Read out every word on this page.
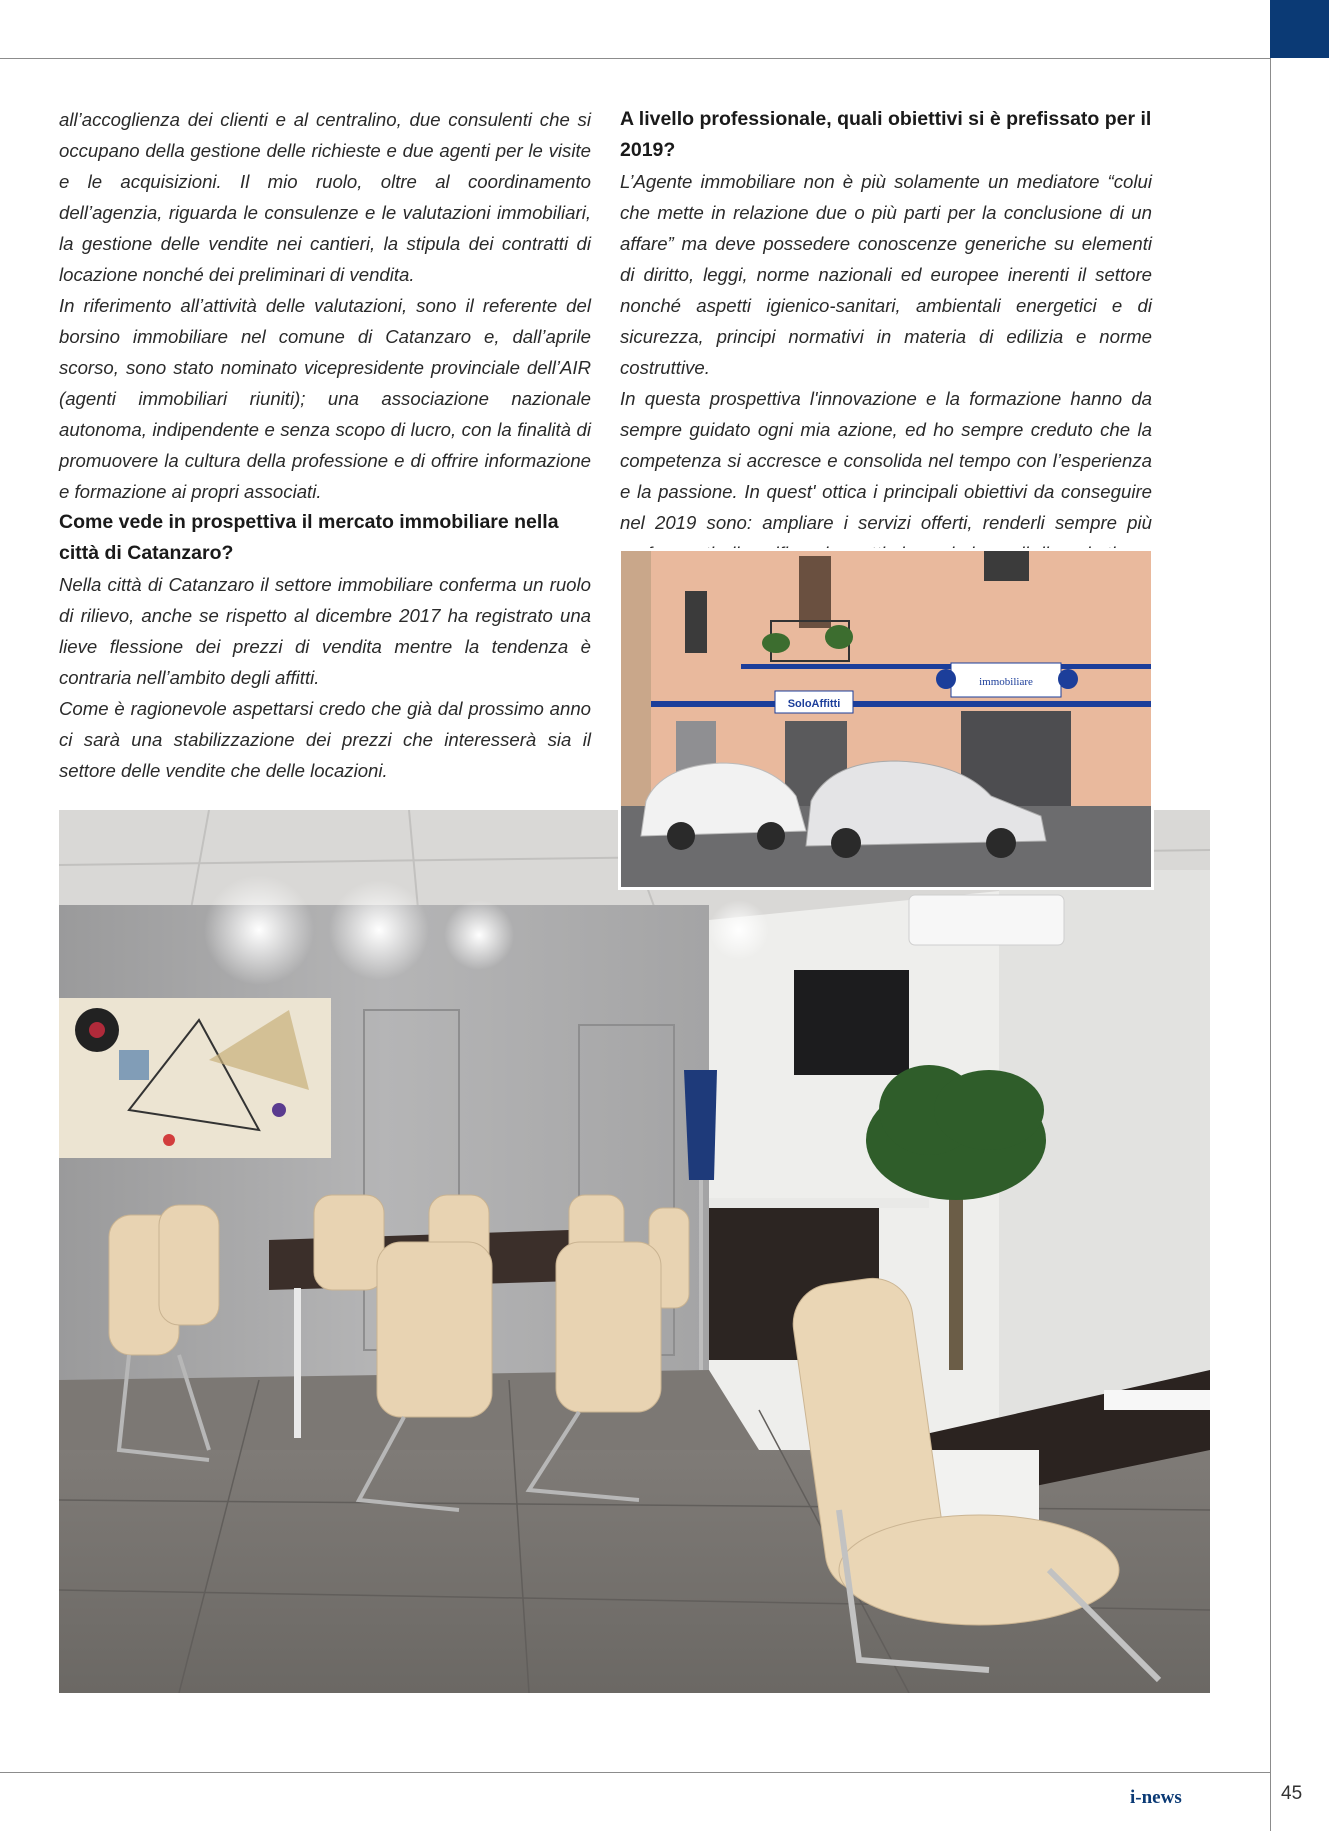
all’accoglienza dei clienti e al centralino, due consulenti che si occupano della gestione delle richieste e due agenti per le visite e le acquisizioni. Il mio ruolo, oltre al coordinamento dell’agenzia, riguarda le consulenze e le valutazioni immobiliari, la gestione delle vendite nei cantieri, la stipula dei contratti di locazione nonché dei preliminari di vendita.

In riferimento all’attività delle valutazioni, sono il referente del borsino immobiliare nel comune di Catanzaro e, dall’aprile scorso, sono stato nominato vicepresidente provinciale dell’AIR (agenti immobiliari riuniti); una associazione nazionale autonoma, indipendente e senza scopo di lucro, con la finalità di promuovere la cultura della professione e di offrire informazione e formazione ai propri associati.

Come vede in prospettiva il mercato immobiliare nella città di Catanzaro?

Nella città di Catanzaro il settore immobiliare conferma un ruolo di rilievo, anche se rispetto al dicembre 2017 ha registrato una lieve flessione dei prezzi di vendita mentre la tendenza è contraria nell’ambito degli affitti.

Come è ragionevole aspettarsi credo che già dal prossimo anno ci sarà una stabilizzazione dei prezzi che interesserà sia il settore delle vendite che delle locazioni.

A livello professionale, quali obiettivi si è prefissato per il 2019?

L’Agente immobiliare non è più solamente un mediatore “colui che mette in relazione due o più parti per la conclusione di un affare” ma deve possedere conoscenze generiche su elementi di diritto, leggi, norme nazionali ed europee inerenti il settore nonché aspetti igienico-sanitari, ambientali energetici e di sicurezza, principi normativi in materia di edilizia e norme costruttive.

In questa prospettiva l'innovazione e la formazione hanno da sempre guidato ogni mia azione, ed ho sempre creduto che la competenza si accresce e consolida nel tempo con l’esperienza e la passione. In quest' ottica i principali obiettivi da conseguire nel 2019 sono: ampliare i servizi offerti, renderli sempre più

SoloAffitti
immobiliare
i-news	45
